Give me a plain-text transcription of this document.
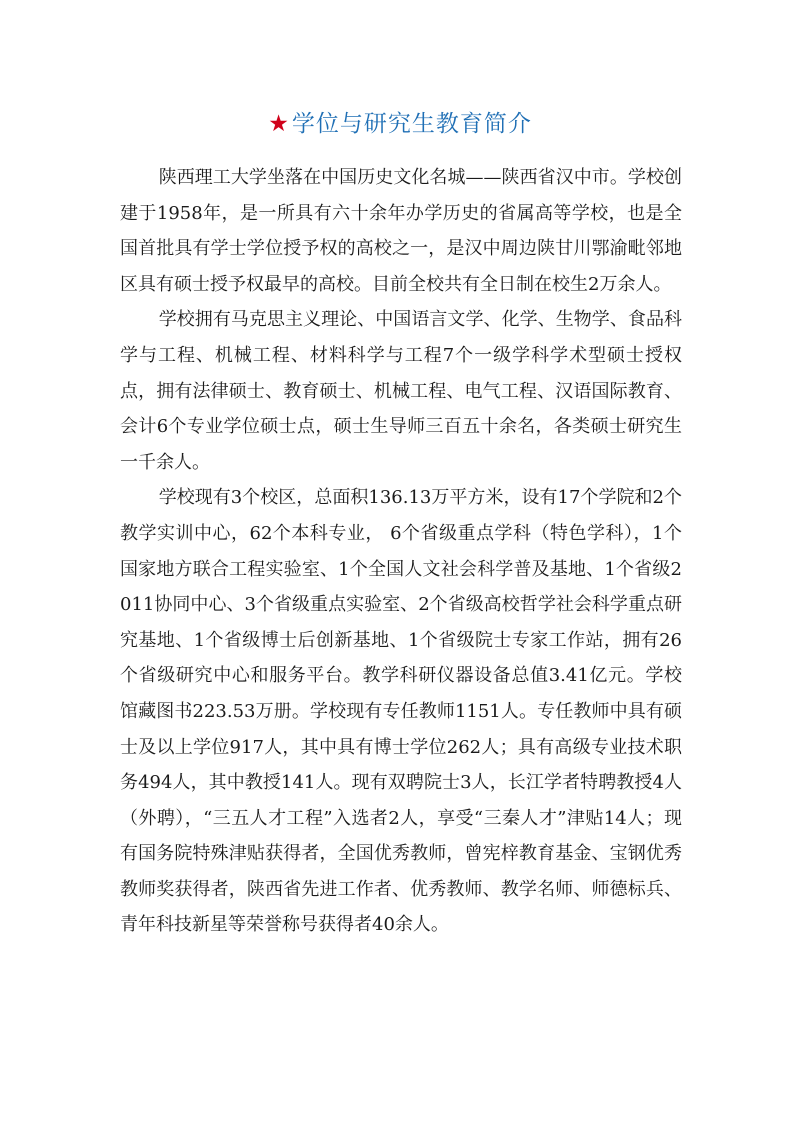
★学位与研究生教育简介

陕西理工大学坐落在中国历史文化名城——陕西省汉中市。学校创建于1958年，是一所具有六十余年办学历史的省属高等学校，也是全国首批具有学士学位授予权的高校之一，是汉中周边陕甘川鄂渝毗邻地区具有硕士授予权最早的高校。目前全校共有全日制在校生2万余人。

学校拥有马克思主义理论、中国语言文学、化学、生物学、食品科学与工程、机械工程、材料科学与工程7个一级学科学术型硕士授权点，拥有法律硕士、教育硕士、机械工程、电气工程、汉语国际教育、会计6个专业学位硕士点，硕士生导师三百五十余名，各类硕士研究生一千余人。

学校现有3个校区，总面积136.13万平方米，设有17个学院和2个教学实训中心，62个本科专业， 6个省级重点学科（特色学科），1个国家地方联合工程实验室、1个全国人文社会科学普及基地、1个省级2011协同中心、3个省级重点实验室、2个省级高校哲学社会科学重点研究基地、1个省级博士后创新基地、1个省级院士专家工作站，拥有26个省级研究中心和服务平台。教学科研仪器设备总值3.41亿元。学校馆藏图书223.53万册。学校现有专任教师1151人。专任教师中具有硕士及以上学位917人，其中具有博士学位262人；具有高级专业技术职务494人，其中教授141人。现有双聘院士3人，长江学者特聘教授4人（外聘），“三五人才工程”入选者2人，享受“三秦人才”津贴14人；现有国务院特殊津贴获得者，全国优秀教师，曾宪梓教育基金、宝钢优秀教师奖获得者，陕西省先进工作者、优秀教师、教学名师、师德标兵、青年科技新星等荣誉称号获得者40余人。
